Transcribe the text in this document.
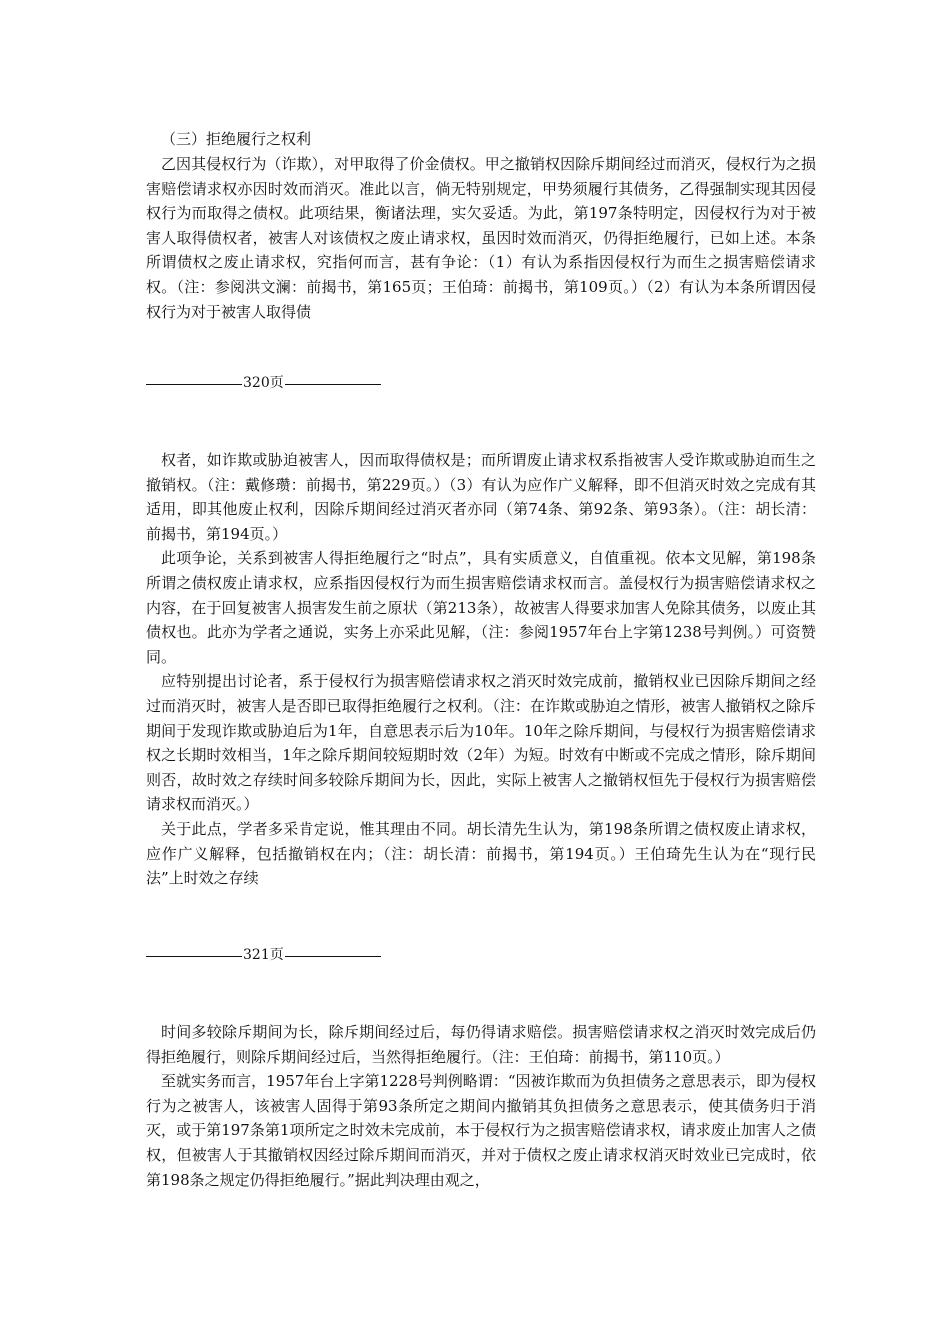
（三）拒绝履行之权利

乙因其侵权行为（诈欺），对甲取得了价金债权。甲之撤销权因除斥期间经过而消灭，侵权行为之损害赔偿请求权亦因时效而消灭。准此以言，倘无特别规定，甲势须履行其债务，乙得强制实现其因侵权行为而取得之债权。此项结果，衡诸法理，实欠妥适。为此，第197条特明定，因侵权行为对于被害人取得债权者，被害人对该债权之废止请求权，虽因时效而消灭，仍得拒绝履行，已如上述。本条所谓债权之废止请求权，究指何而言，甚有争论：（1）有认为系指因侵权行为而生之损害赔偿请求权。（注：参阅洪文澜：前揭书，第165页；王伯琦：前揭书，第109页。）（2）有认为本条所谓因侵权行为对于被害人取得债

320页

权者，如诈欺或胁迫被害人，因而取得债权是；而所谓废止请求权系指被害人受诈欺或胁迫而生之撤销权。（注：戴修瓒：前揭书，第229页。）（3）有认为应作广义解释，即不但消灭时效之完成有其适用，即其他废止权利，因除斥期间经过消灭者亦同（第74条、第92条、第93条）。（注：胡长清：前揭书，第194页。）

此项争论，关系到被害人得拒绝履行之“时点”，具有实质意义，自值重视。依本文见解，第198条所谓之债权废止请求权，应系指因侵权行为而生损害赔偿请求权而言。盖侵权行为损害赔偿请求权之内容，在于回复被害人损害发生前之原状（第213条），故被害人得要求加害人免除其债务，以废止其债权也。此亦为学者之通说，实务上亦采此见解，（注：参阅1957年台上字第1238号判例。）可资赞同。

应特别提出讨论者，系于侵权行为损害赔偿请求权之消灭时效完成前，撤销权业已因除斥期间之经过而消灭时，被害人是否即已取得拒绝履行之权利。（注：在诈欺或胁迫之情形，被害人撤销权之除斥期间于发现诈欺或胁迫后为1年，自意思表示后为10年。10年之除斥期间，与侵权行为损害赔偿请求权之长期时效相当，1年之除斥期间较短期时效（2年）为短。时效有中断或不完成之情形，除斥期间则否，故时效之存续时间多较除斥期间为长，因此，实际上被害人之撤销权恒先于侵权行为损害赔偿请求权而消灭。）

关于此点，学者多采肯定说，惟其理由不同。胡长清先生认为，第198条所谓之债权废止请求权，应作广义解释，包括撤销权在内；（注：胡长清：前揭书，第194页。）王伯琦先生认为在“现行民法”上时效之存续

321页

时间多较除斥期间为长，除斥期间经过后，每仍得请求赔偿。损害赔偿请求权之消灭时效完成后仍得拒绝履行，则除斥期间经过后，当然得拒绝履行。（注：王伯琦：前揭书，第110页。）

至就实务而言，1957年台上字第1228号判例略谓：“因被诈欺而为负担债务之意思表示，即为侵权行为之被害人，该被害人固得于第93条所定之期间内撤销其负担债务之意思表示，使其债务归于消灭，或于第197条第1项所定之时效未完成前，本于侵权行为之损害赔偿请求权，请求废止加害人之债权，但被害人于其撤销权因经过除斥期间而消灭，并对于债权之废止请求权消灭时效业已完成时，依第198条之规定仍得拒绝履行。”据此判决理由观之，
